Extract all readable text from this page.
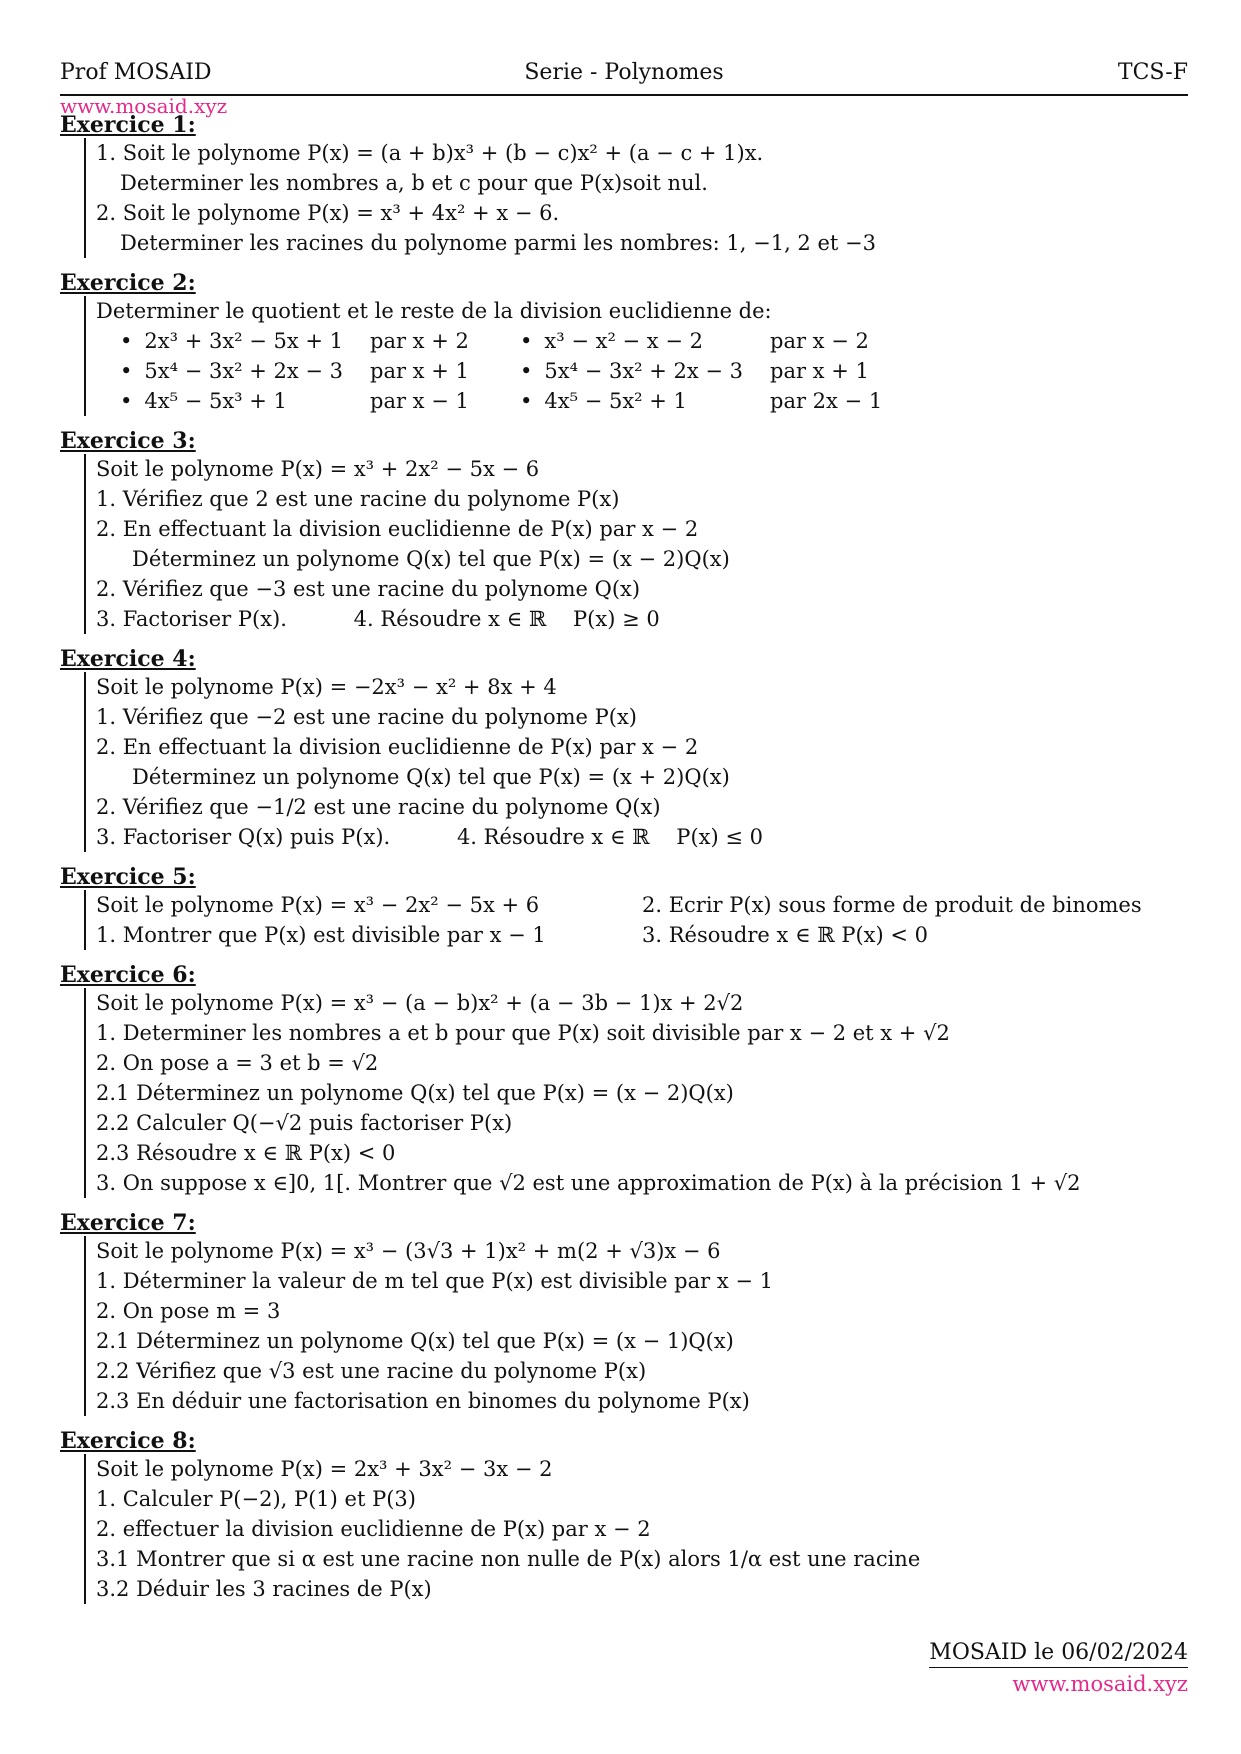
Prof MOSAID	Serie - Polynomes	TCS-F
www.mosaid.xyz
Exercice 1:
1. Soit le polynome P(x) = (a + b)x³ + (b − c)x² + (a − c + 1)x.
Determiner les nombres a, b et c pour que P(x)soit nul.
2. Soit le polynome P(x) = x³ + 4x² + x − 6.
Determiner les racines du polynome parmi les nombres: 1, −1, 2 et −3
Exercice 2:
Determiner le quotient et le reste de la division euclidienne de:
• 2x³ + 3x² − 5x + 1	par x + 2	• x³ − x² − x − 2	par x − 2
• 5x⁴ − 3x² + 2x − 3	par x + 1	• 5x⁴ − 3x² + 2x − 3	par x + 1
• 4x⁵ − 5x³ + 1	par x − 1	• 4x⁵ − 5x² + 1	par 2x − 1
Exercice 3:
Soit le polynome P(x) = x³ + 2x² − 5x − 6
1. Vérifiez que 2 est une racine du polynome P(x)
2. En effectuant la division euclidienne de P(x) par x − 2
Déterminez un polynome Q(x) tel que P(x) = (x − 2)Q(x)
2. Vérifiez que −3 est une racine du polynome Q(x)
3. Factoriser P(x).          4. Résoudre x ∈ ℝ    P(x) ≥ 0
Exercice 4:
Soit le polynome P(x) = −2x³ − x² + 8x + 4
1. Vérifiez que −2 est une racine du polynome P(x)
2. En effectuant la division euclidienne de P(x) par x − 2
Déterminez un polynome Q(x) tel que P(x) = (x + 2)Q(x)
2. Vérifiez que −1/2 est une racine du polynome Q(x)
3. Factoriser Q(x) puis P(x).          4. Résoudre x ∈ ℝ    P(x) ≤ 0
Exercice 5:
Soit le polynome P(x) = x³ − 2x² − 5x + 6
1. Montrer que P(x) est divisible par x − 1
2. Ecrir P(x) sous forme de produit de binomes
3. Résoudre x ∈ ℝ P(x) < 0
Exercice 6:
Soit le polynome P(x) = x³ − (a − b)x² + (a − 3b − 1)x + 2√2
1. Determiner les nombres a et b pour que P(x) soit divisible par x − 2 et x + √2
2. On pose a = 3 et b = √2
2.1 Déterminez un polynome Q(x) tel que P(x) = (x − 2)Q(x)
2.2 Calculer Q(−√2 puis factoriser P(x)
2.3 Résoudre x ∈ ℝ P(x) < 0
3. On suppose x ∈]0, 1[. Montrer que √2 est une approximation de P(x) à la précision 1 + √2
Exercice 7:
Soit le polynome P(x) = x³ − (3√3 + 1)x² + m(2 + √3)x − 6
1. Déterminer la valeur de m tel que P(x) est divisible par x − 1
2. On pose m = 3
2.1 Déterminez un polynome Q(x) tel que P(x) = (x − 1)Q(x)
2.2 Vérifiez que √3 est une racine du polynome P(x)
2.3 En déduir une factorisation en binomes du polynome P(x)
Exercice 8:
Soit le polynome P(x) = 2x³ + 3x² − 3x − 2
1. Calculer P(−2), P(1) et P(3)
2. effectuer la division euclidienne de P(x) par x − 2
3.1 Montrer que si α est une racine non nulle de P(x) alors 1/α est une racine
3.2 Déduir les 3 racines de P(x)
MOSAID le 06/02/2024
www.mosaid.xyz
